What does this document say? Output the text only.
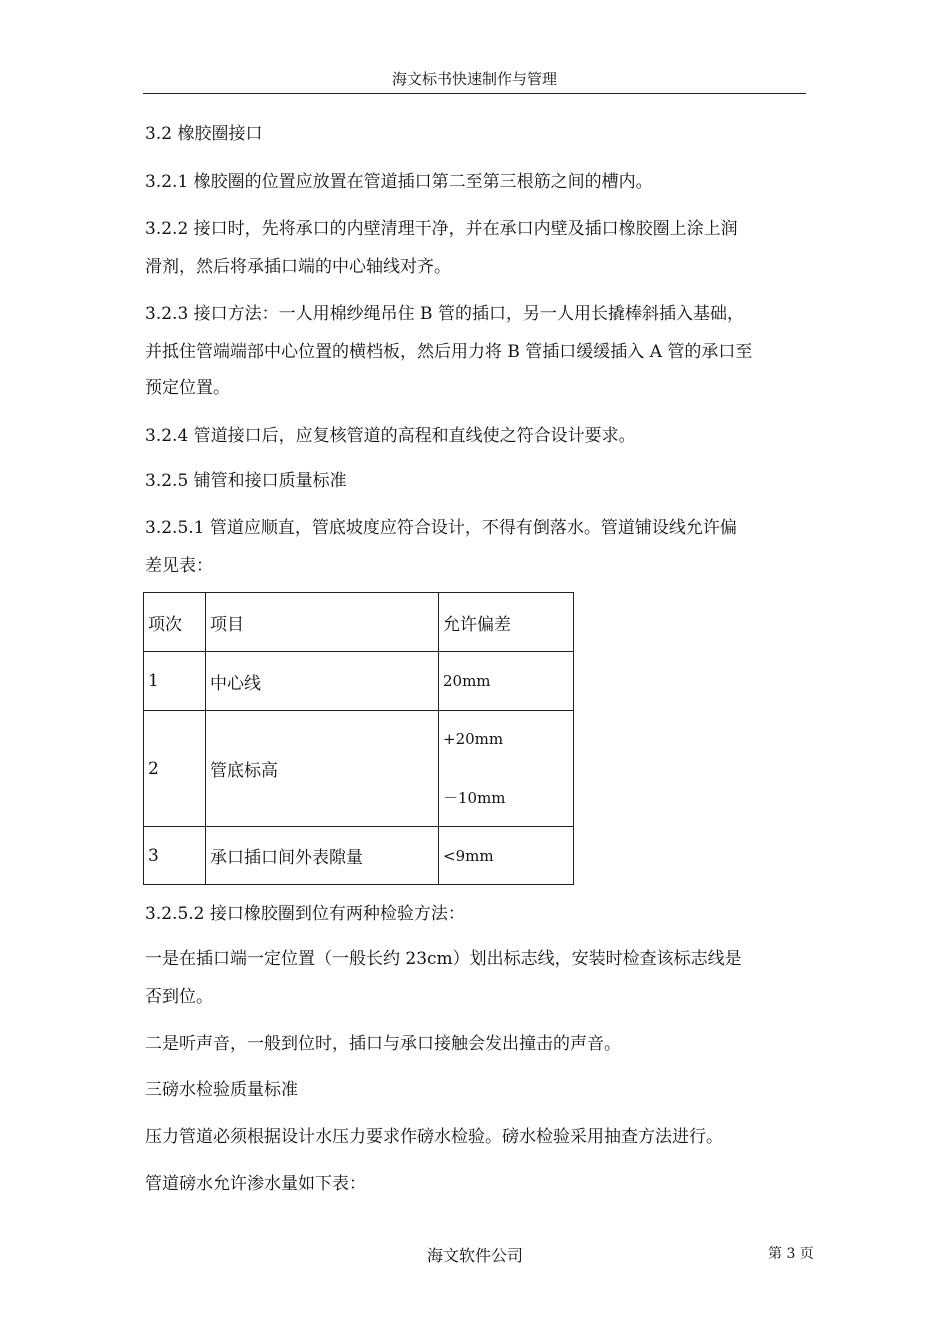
海文标书快速制作与管理
3.2 橡胶圈接口
3.2.1 橡胶圈的位置应放置在管道插口第二至第三根筋之间的槽内。
3.2.2 接口时，先将承口的内壁清理干净，并在承口内壁及插口橡胶圈上涂上润
滑剂，然后将承插口端的中心轴线对齐。
3.2.3 接口方法：一人用棉纱绳吊住 B 管的插口，另一人用长撬棒斜插入基础，
并抵住管端端部中心位置的横档板，然后用力将 B 管插口缓缓插入 A 管的承口至
预定位置。
3.2.4 管道接口后，应复核管道的高程和直线使之符合设计要求。
3.2.5 铺管和接口质量标准
3.2.5.1 管道应顺直，管底坡度应符合设计，不得有倒落水。管道铺设线允许偏
差见表：
项次	项目	允许偏差
1	中心线	20mm
2	管底标高	+20mm
－10mm

3	承口插口间外表隙量	<9mm
3.2.5.2 接口橡胶圈到位有两种检验方法：
一是在插口端一定位置（一般长约 23cm）划出标志线，安装时检查该标志线是
否到位。
二是听声音，一般到位时，插口与承口接触会发出撞击的声音。
三磅水检验质量标准
压力管道必须根据设计水压力要求作磅水检验。磅水检验采用抽查方法进行。
管道磅水允许渗水量如下表：
海文软件公司	第 3 页
